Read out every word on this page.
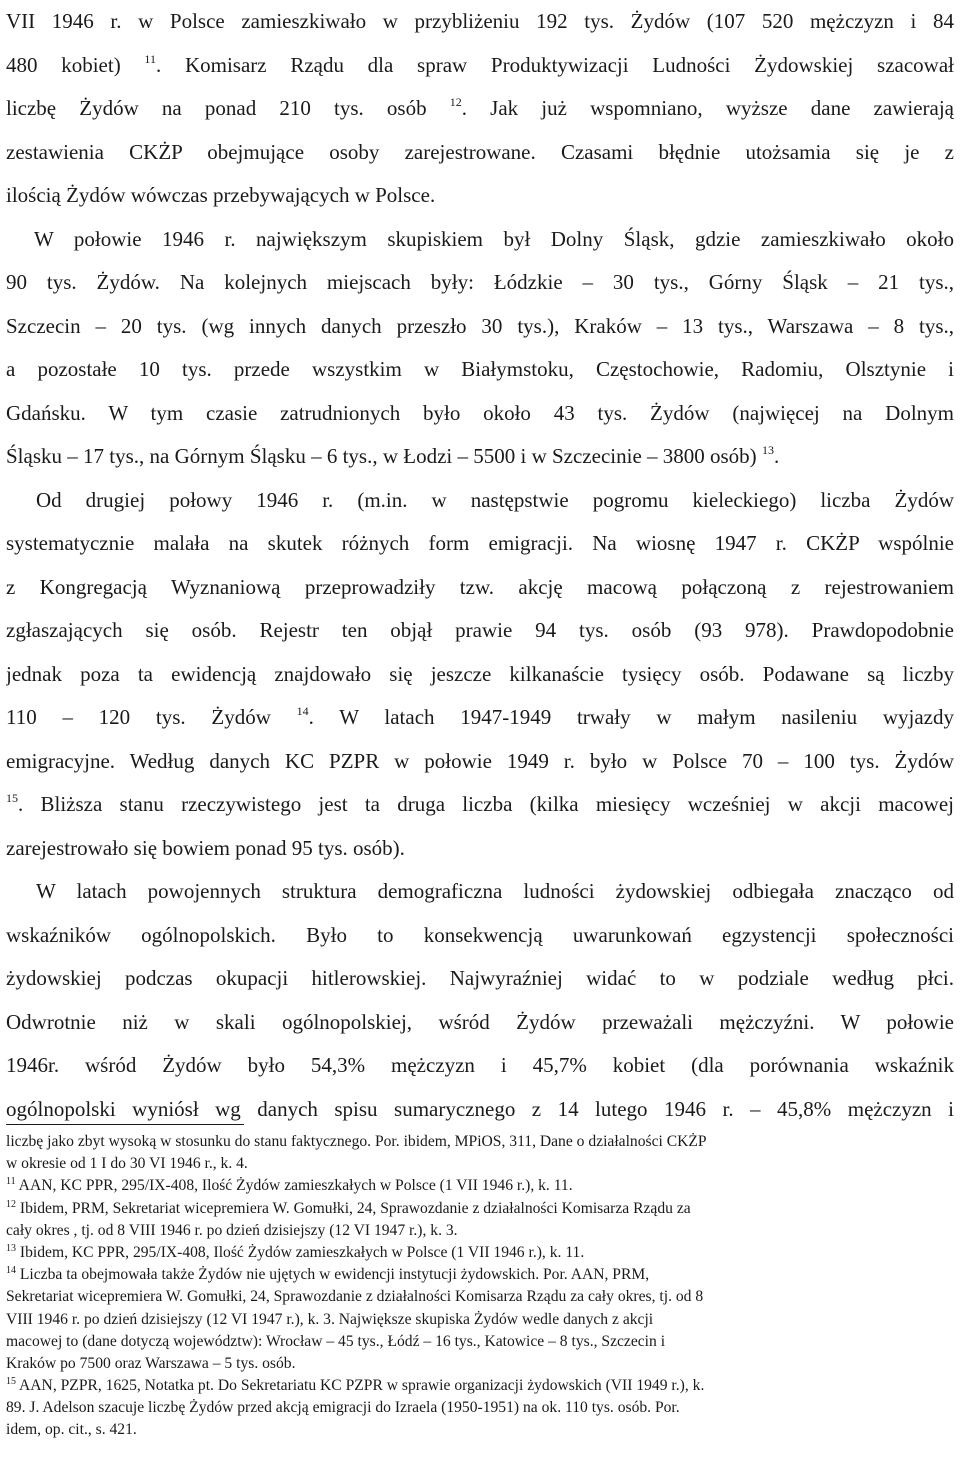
VII 1946 r. w Polsce zamieszkiwało w przybliżeniu 192 tys. Żydów (107 520 mężczyzn i 84
480 kobiet) $^{11}$. Komisarz Rządu dla spraw Produktywizacji Ludności Żydowskiej szacował
liczbę Żydów na ponad 210 tys. osób $^{12}$. Jak już wspomniano, wyższe dane zawierają
zestawienia CKŻP obejmujące osoby zarejestrowane. Czasami błędnie utożsamia się je z
ilością Żydów wówczas przebywających w Polsce.
W połowie 1946 r. największym skupiskiem był Dolny Śląsk, gdzie zamieszkiwało około
90 tys. Żydów. Na kolejnych miejscach były: Łódzkie – 30 tys., Górny Śląsk – 21 tys.,
Szczecin – 20 tys. (wg innych danych przeszło 30 tys.), Kraków – 13 tys., Warszawa – 8 tys.,
a pozostałe 10 tys. przede wszystkim w Białymstoku, Częstochowie, Radomiu, Olsztynie i
Gdańsku. W tym czasie zatrudnionych było około 43 tys. Żydów (najwięcej na Dolnym
Śląsku – 17 tys., na Górnym Śląsku – 6 tys., w Łodzi – 5500 i w Szczecinie – 3800 osób) $^{13}$.
Od drugiej połowy 1946 r. (m.in. w następstwie pogromu kieleckiego) liczba Żydów
systematycznie malała na skutek różnych form emigracji. Na wiosnę 1947 r. CKŻP wspólnie
z Kongregacją Wyznaniową przeprowadziły tzw. akcję macową połączoną z rejestrowaniem
zgłaszających się osób. Rejestr ten objął prawie 94 tys. osób (93 978). Prawdopodobnie
jednak poza ta ewidencją znajdowało się jeszcze kilkanaście tysięcy osób. Podawane są liczby
110 – 120 tys. Żydów $^{14}$. W latach 1947-1949 trwały w małym nasileniu wyjazdy
emigracyjne. Według danych KC PZPR w połowie 1949 r. było w Polsce 70 – 100 tys. Żydów
$^{15}$. Bliższa stanu rzeczywistego jest ta druga liczba (kilka miesięcy wcześniej w akcji macowej
zarejestrowało się bowiem ponad 95 tys. osób).
W latach powojennych struktura demograficzna ludności żydowskiej odbiegała znacząco od
wskaźników ogólnopolskich. Było to konsekwencją uwarunkowań egzystencji społeczności
żydowskiej podczas okupacji hitlerowskiej. Najwyraźniej widać to w podziale według płci.
Odwrotnie niż w skali ogólnopolskiej, wśród Żydów przeważali mężczyźni. W połowie
1946r. wśród Żydów było 54,3% mężczyzn i 45,7% kobiet (dla porównania wskaźnik
ogólnopolski wyniósł wg danych spisu sumarycznego z 14 lutego 1946 r. – 45,8% mężczyzn i
liczbę jako zbyt wysoką w stosunku do stanu faktycznego. Por. ibidem, MPiOS, 311, Dane o działalności CKŻP
w okresie od 1 I do 30 VI 1946 r., k. 4.
$^{11}$ AAN, KC PPR, 295/IX-408, Ilość Żydów zamieszkałych w Polsce (1 VII 1946 r.), k. 11.
$^{12}$ Ibidem, PRM, Sekretariat wicepremiera W. Gomułki, 24, Sprawozdanie z działalności Komisarza Rządu za
cały okres , tj. od 8 VIII 1946 r. po dzień dzisiejszy (12 VI 1947 r.), k. 3.
$^{13}$ Ibidem, KC PPR, 295/IX-408, Ilość Żydów zamieszkałych w Polsce (1 VII 1946 r.), k. 11.
$^{14}$ Liczba ta obejmowała także Żydów nie ujętych w ewidencji instytucji żydowskich. Por. AAN, PRM,
Sekretariat wicepremiera W. Gomułki, 24, Sprawozdanie z działalności Komisarza Rządu za cały okres, tj. od 8
VIII 1946 r. po dzień dzisiejszy (12 VI 1947 r.), k. 3. Największe skupiska Żydów wedle danych z akcji
macowej to (dane dotyczą województw): Wrocław – 45 tys., Łódź – 16 tys., Katowice – 8 tys., Szczecin i
Kraków po 7500 oraz Warszawa – 5 tys. osób.
$^{15}$ AAN, PZPR, 1625, Notatka pt. Do Sekretariatu KC PZPR w sprawie organizacji żydowskich (VII 1949 r.), k.
89. J. Adelson szacuje liczbę Żydów przed akcją emigracji do Izraela (1950-1951) na ok. 110 tys. osób. Por.
idem, op. cit., s. 421.
